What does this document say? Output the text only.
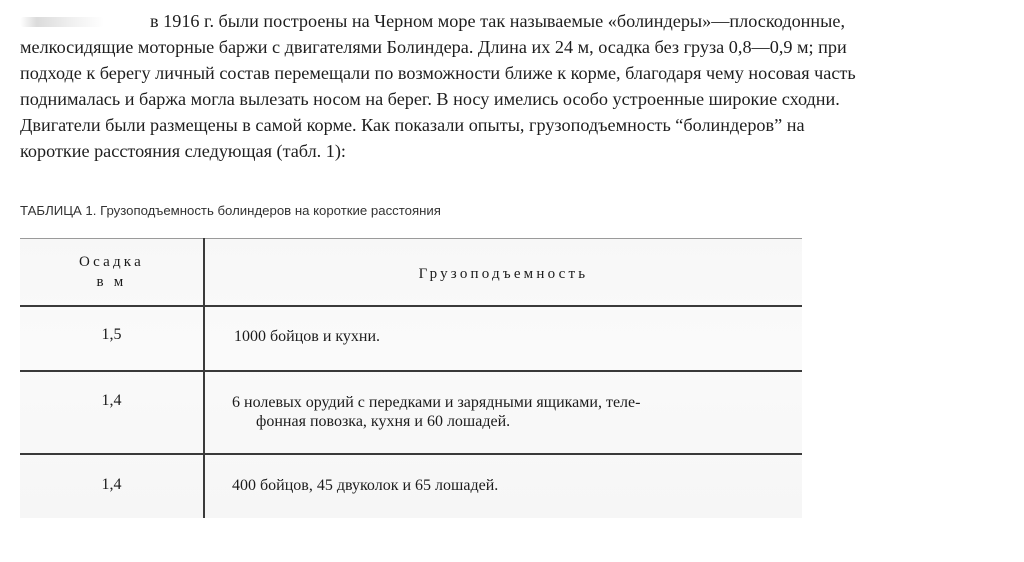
в 1916 г. были построены на Черном море так называемые «болиндеры»—плоскодонные,
мелкосидящие моторные баржи с двигателями Болиндера. Длина их 24 м, осадка без груза 0,8—0,9 м; при
подходе к берегу личный состав перемещали по возможности ближе к корме, благодаря чему носовая часть
поднималась и баржа могла вылезать носом на берег. В носу имелись особо устроенные широкие сходни.
Двигатели были размещены в самой корме. Как показали опыты, грузоподъемность “болиндеров” на
короткие расстояния следующая (табл. 1):
ТАБЛИЦА 1. Грузоподъемность болиндеров на короткие расстояния
Осадка
в м	Грузоподъемность
1,5	1000 бойцов и кухни.
1,4	6 нолевых орудий с передками и зарядными ящиками, теле-
фонная повозка, кухня и 60 лошадей.
1,4	400 бойцов, 45 двуколок и 65 лошадей.
